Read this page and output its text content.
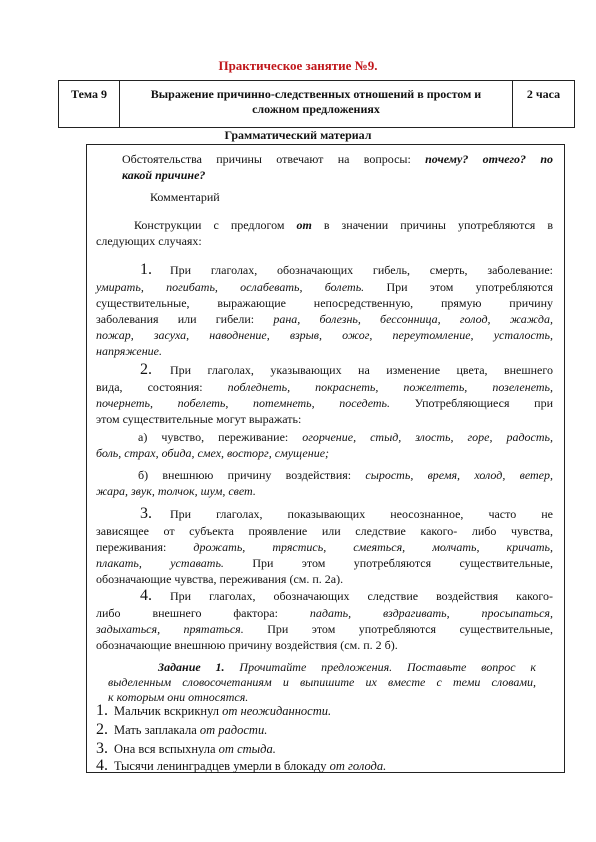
Практическое занятие №9.
Тема 9	Выражение причинно-следственных отношений в простом и сложном предложениях
2 часа
Грамматический материал
Обстоятельства причины отвечают на вопросы: почему? отчего? по
какой причине?
Комментарий
Конструкции с предлогом от в значении причины употребляются в
следующих случаях:
1. При глаголах, обозначающих гибель, смерть, заболевание:
умирать, погибать, ослабевать, болеть. При этом употребляются
существительные, выражающие непосредственную, прямую причину
заболевания или гибели: рана, болезнь, бессонница, голод, жажда,
пожар, засуха, наводнение, взрыв, ожог, переутомление, усталость,
напряжение.
2. При глаголах, указывающих на изменение цвета, внешнего
вида, состояния: побледнеть, покраснеть, пожелтеть, позеленеть,
почернеть, побелеть, потемнеть, поседеть. Употребляющиеся при
этом существительные могут выражать:
а) чувство, переживание: огорчение, стыд, злость, горе, радость,
боль, страх, обида, смех, восторг, смущение;
б) внешнюю причину воздействия: сырость, время, холод, ветер,
жара, звук, толчок, шум, свет.
3. При глаголах, показывающих неосознанное, часто не
зависящее от субъекта проявление или следствие какого- либо чувства,
переживания: дрожать, трястись, смеяться, молчать, кричать,
плакать, уставать. При этом употребляются существительные,
обозначающие чувства, переживания (см. п. 2а).
4. При глаголах, обозначающих следствие воздействия какого-
либо внешнего фактора:	падать, вздрагивать, просыпаться,
задыхаться, прятаться. При этом употребляются существительные,
обозначающие внешнюю причину воздействия (см. п. 2 б).
Задание 1. Прочитайте предложения. Поставьте вопрос к
выделенным словосочетаниям и выпишите их вместе с теми словами,
к которым они относятся.
1. Мальчик вскрикнул от неожиданности.
2. Мать заплакала от радости.
3. Она вся вспыхнула от стыда.
4. Тысячи ленинградцев умерли в блокаду от голода.
